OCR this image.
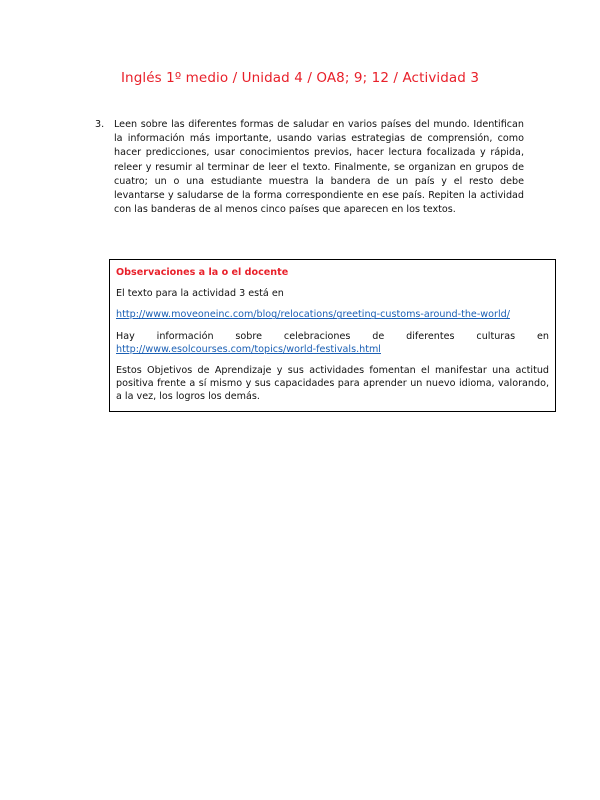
Inglés 1º medio / Unidad 4 / OA8; 9; 12 / Actividad 3
3. Leen sobre las diferentes formas de saludar en varios países del mundo. Identifican la información más importante, usando varias estrategias de comprensión, como hacer predicciones, usar conocimientos previos, hacer lectura focalizada y rápida, releer y resumir al terminar de leer el texto. Finalmente, se organizan en grupos de cuatro; un o una estudiante muestra la bandera de un país y el resto debe levantarse y saludarse de la forma correspondiente en ese país. Repiten la actividad con las banderas de al menos cinco países que aparecen en los textos.
Observaciones a la o el docente

El texto para la actividad 3 está en

http://www.moveoneinc.com/blog/relocations/greeting-customs-around-the-world/

Hay información sobre celebraciones de diferentes culturas en
http://www.esolcourses.com/topics/world-festivals.html

Estos Objetivos de Aprendizaje y sus actividades fomentan el manifestar una actitud positiva frente a sí mismo y sus capacidades para aprender un nuevo idioma, valorando, a la vez, los logros los demás.
